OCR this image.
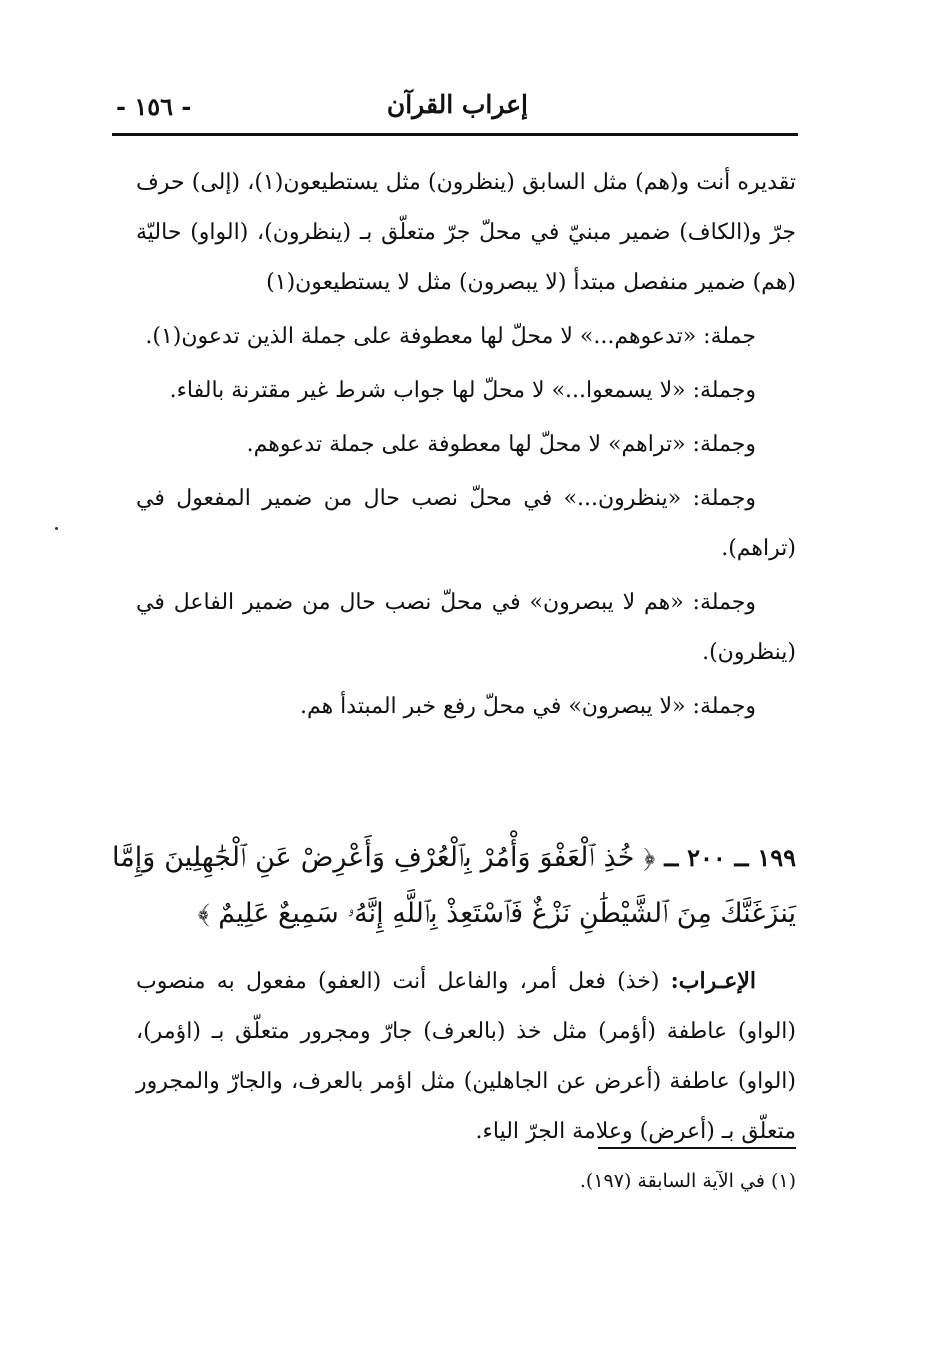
إعراب القرآن
- ١٥٦ -

تقديره أنت و(هم) مثل السابق (ينظرون) مثل يستطيعون(١)، (إلى) حرف جرّ و(الكاف) ضمير مبنيّ في محلّ جرّ متعلّق بـ (ينظرون)، (الواو) حاليّة (هم) ضمير منفصل مبتدأ (لا يبصرون) مثل لا يستطيعون(١)

جملة: «تدعوهم...» لا محلّ لها معطوفة على جملة الذين تدعون(١).

وجملة: «لا يسمعوا...» لا محلّ لها جواب شرط غير مقترنة بالفاء.

وجملة: «تراهم» لا محلّ لها معطوفة على جملة تدعوهم.

وجملة: «ينظرون...» في محلّ نصب حال من ضمير المفعول في (تراهم).

وجملة: «هم لا يبصرون» في محلّ نصب حال من ضمير الفاعل في (ينظرون).

وجملة: «لا يبصرون» في محلّ رفع خبر المبتدأ هم.

١٩٩ ــ ٢٠٠ ــ ﴿ خُذِ ٱلْعَفْوَ وَأْمُرْ بِٱلْعُرْفِ وَأَعْرِضْ عَنِ ٱلْجَٰهِلِينَ وَإِمَّا يَنزَغَنَّكَ مِنَ ٱلشَّيْطَٰنِ نَزْغٌ فَٱسْتَعِذْ بِٱللَّهِ إِنَّهُۥ سَمِيعٌ عَلِيمٌ ﴾
الإعـراب: (خذ) فعل أمر، والفاعل أنت (العفو) مفعول به منصوب (الواو) عاطفة (أؤمر) مثل خذ (بالعرف) جارّ ومجرور متعلّق بـ (اؤمر)، (الواو) عاطفة (أعرض عن الجاهلين) مثل اؤمر بالعرف، والجارّ والمجرور متعلّق بـ (أعرض) وعلامة الجرّ الياء.
(١) في الآية السابقة (١٩٧).
